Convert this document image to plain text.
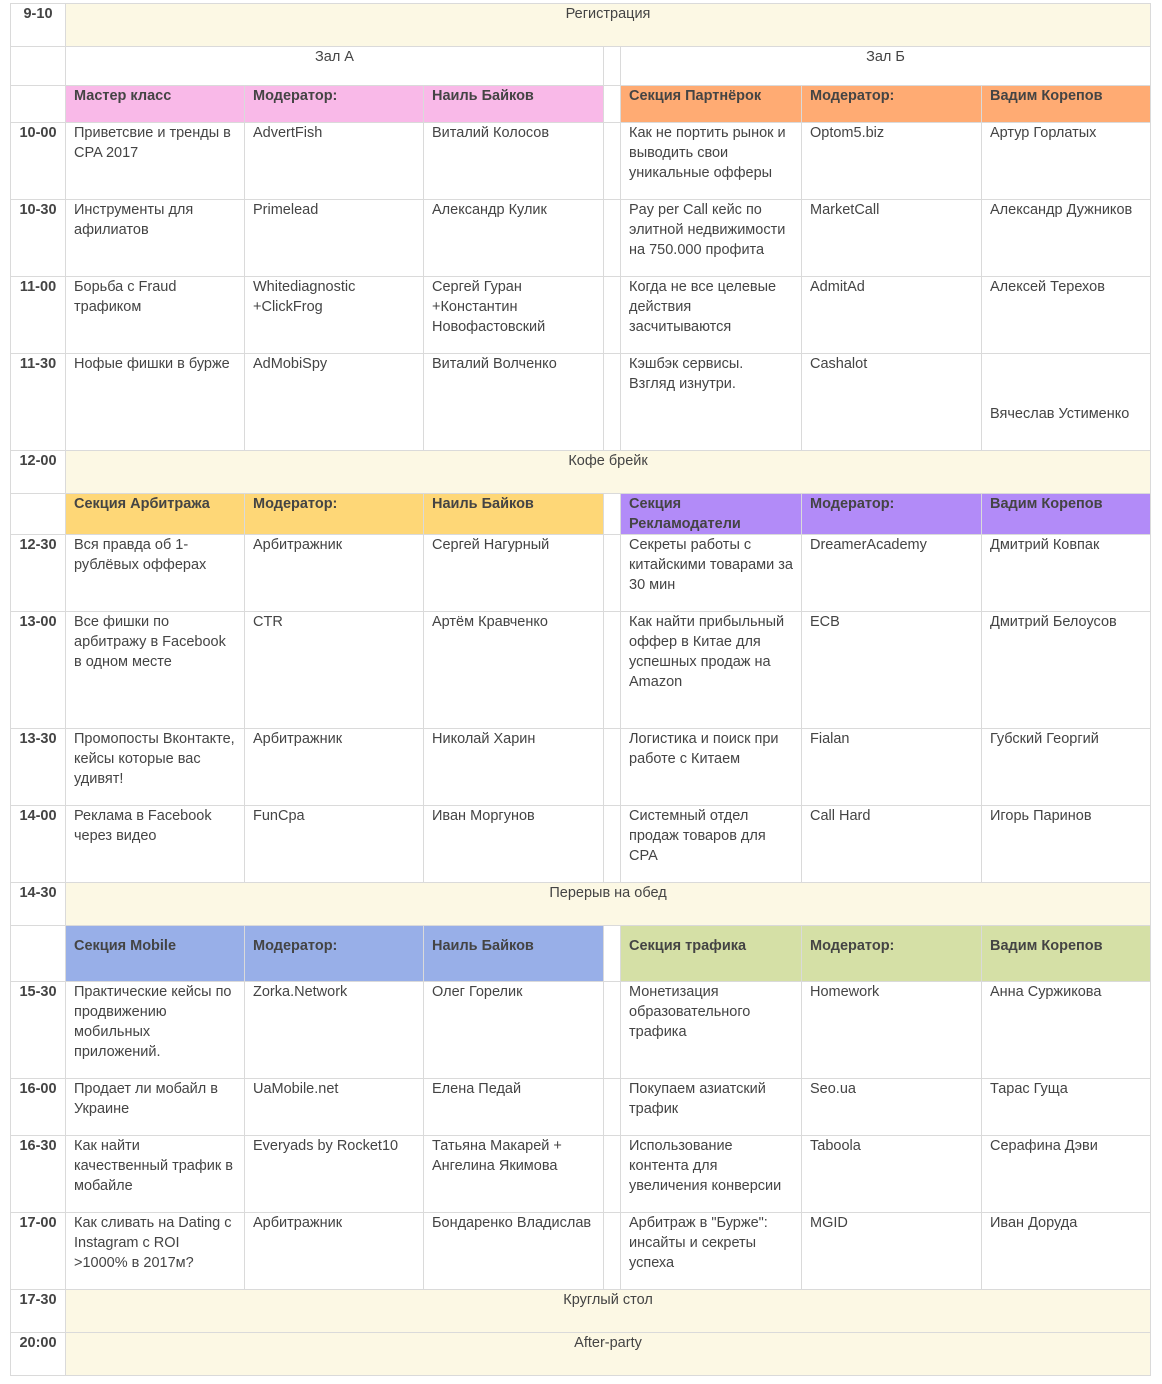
9-10	Регистрация						
	Зал А				Зал Б		
	Мастер класс	Модератор:	Наиль Байков		Секция Партнёрок	Модератор:	Вадим Корепов
10-00	Приветсвие и тренды в CPA 2017	AdvertFish	Виталий Колосов		Как не портить рынок и выводить свои уникальные офферы	Optom5.biz	Артур Горлатых
10-30	Инструменты для афилиатов	Primelead	Александр Кулик		Pay per Call кейс по элитной недвижимости на 750.000 профита	MarketCall	Александр Дужников
11-00	Борьба с Fraud трафиком	Whitediagnostic +ClickFrog	Сергей Гуран +Константин Новофастовский		Когда не все целевые действия засчитываются	AdmitAd	Алексей Терехов
11-30	Нофые фишки в бурже	AdMobiSpy	Виталий Волченко		Кэшбэк сервисы. Взгляд изнутри.	Cashalot	Вячеслав Устименко
12-00	Кофе брейк						
	Секция Арбитража	Модератор:	Наиль Байков		Секция Рекламодатели	Модератор:	Вадим Корепов
12-30	Вся правда об 1-рублёвых офферах	Арбитражник	Сергей Нагурный		Секреты работы с китайскими товарами за 30 мин	DreamerAcademy	Дмитрий Ковпак
13-00	Все фишки по арбитражу в Facebook в одном месте	CTR	Артём Кравченко		Как найти прибыльный оффер в Китае для успешных продаж на Amazon	ECB	Дмитрий Белоусов
13-30	Промопосты Вконтакте, кейсы которые вас удивят!	Арбитражник	Николай Харин		Логистика и поиск при работе с Китаем	Fialan	Губский Георгий
14-00	Реклама в Facebook через видео	FunCpa	Иван Моргунов		Системный отдел продаж товаров для CPA	Call Hard	Игорь Паринов
14-30	Перерыв на обед						
	Секция Mobile	Модератор:	Наиль Байков		Секция трафика	Модератор:	Вадим Корепов
15-30	Практические кейсы по продвижению мобильных приложений.	Zorka.Network	Олег Горелик		Монетизация образовательного трафика	Homework	Анна Суржикова
16-00	Продает ли мобайл в Украине	UaMobile.net	Елена Педай		Покупаем азиатский трафик	Seo.ua	Тарас Гуща
16-30	Как найти качественный трафик в мобайле	Everyads by Rocket10	Татьяна Макарей + Ангелина Якимова		Использование контента для увеличения конверсии	Taboola	Серафина Дэви
17-00	Как сливать на Dating с Instagram с ROI >1000% в 2017м?	Арбитражник	Бондаренко Владислав		Арбитраж в "Бурже": инсайты и секреты успеха	MGID	Иван Доруда
17-30	Круглый стол						
20:00	After-party						
